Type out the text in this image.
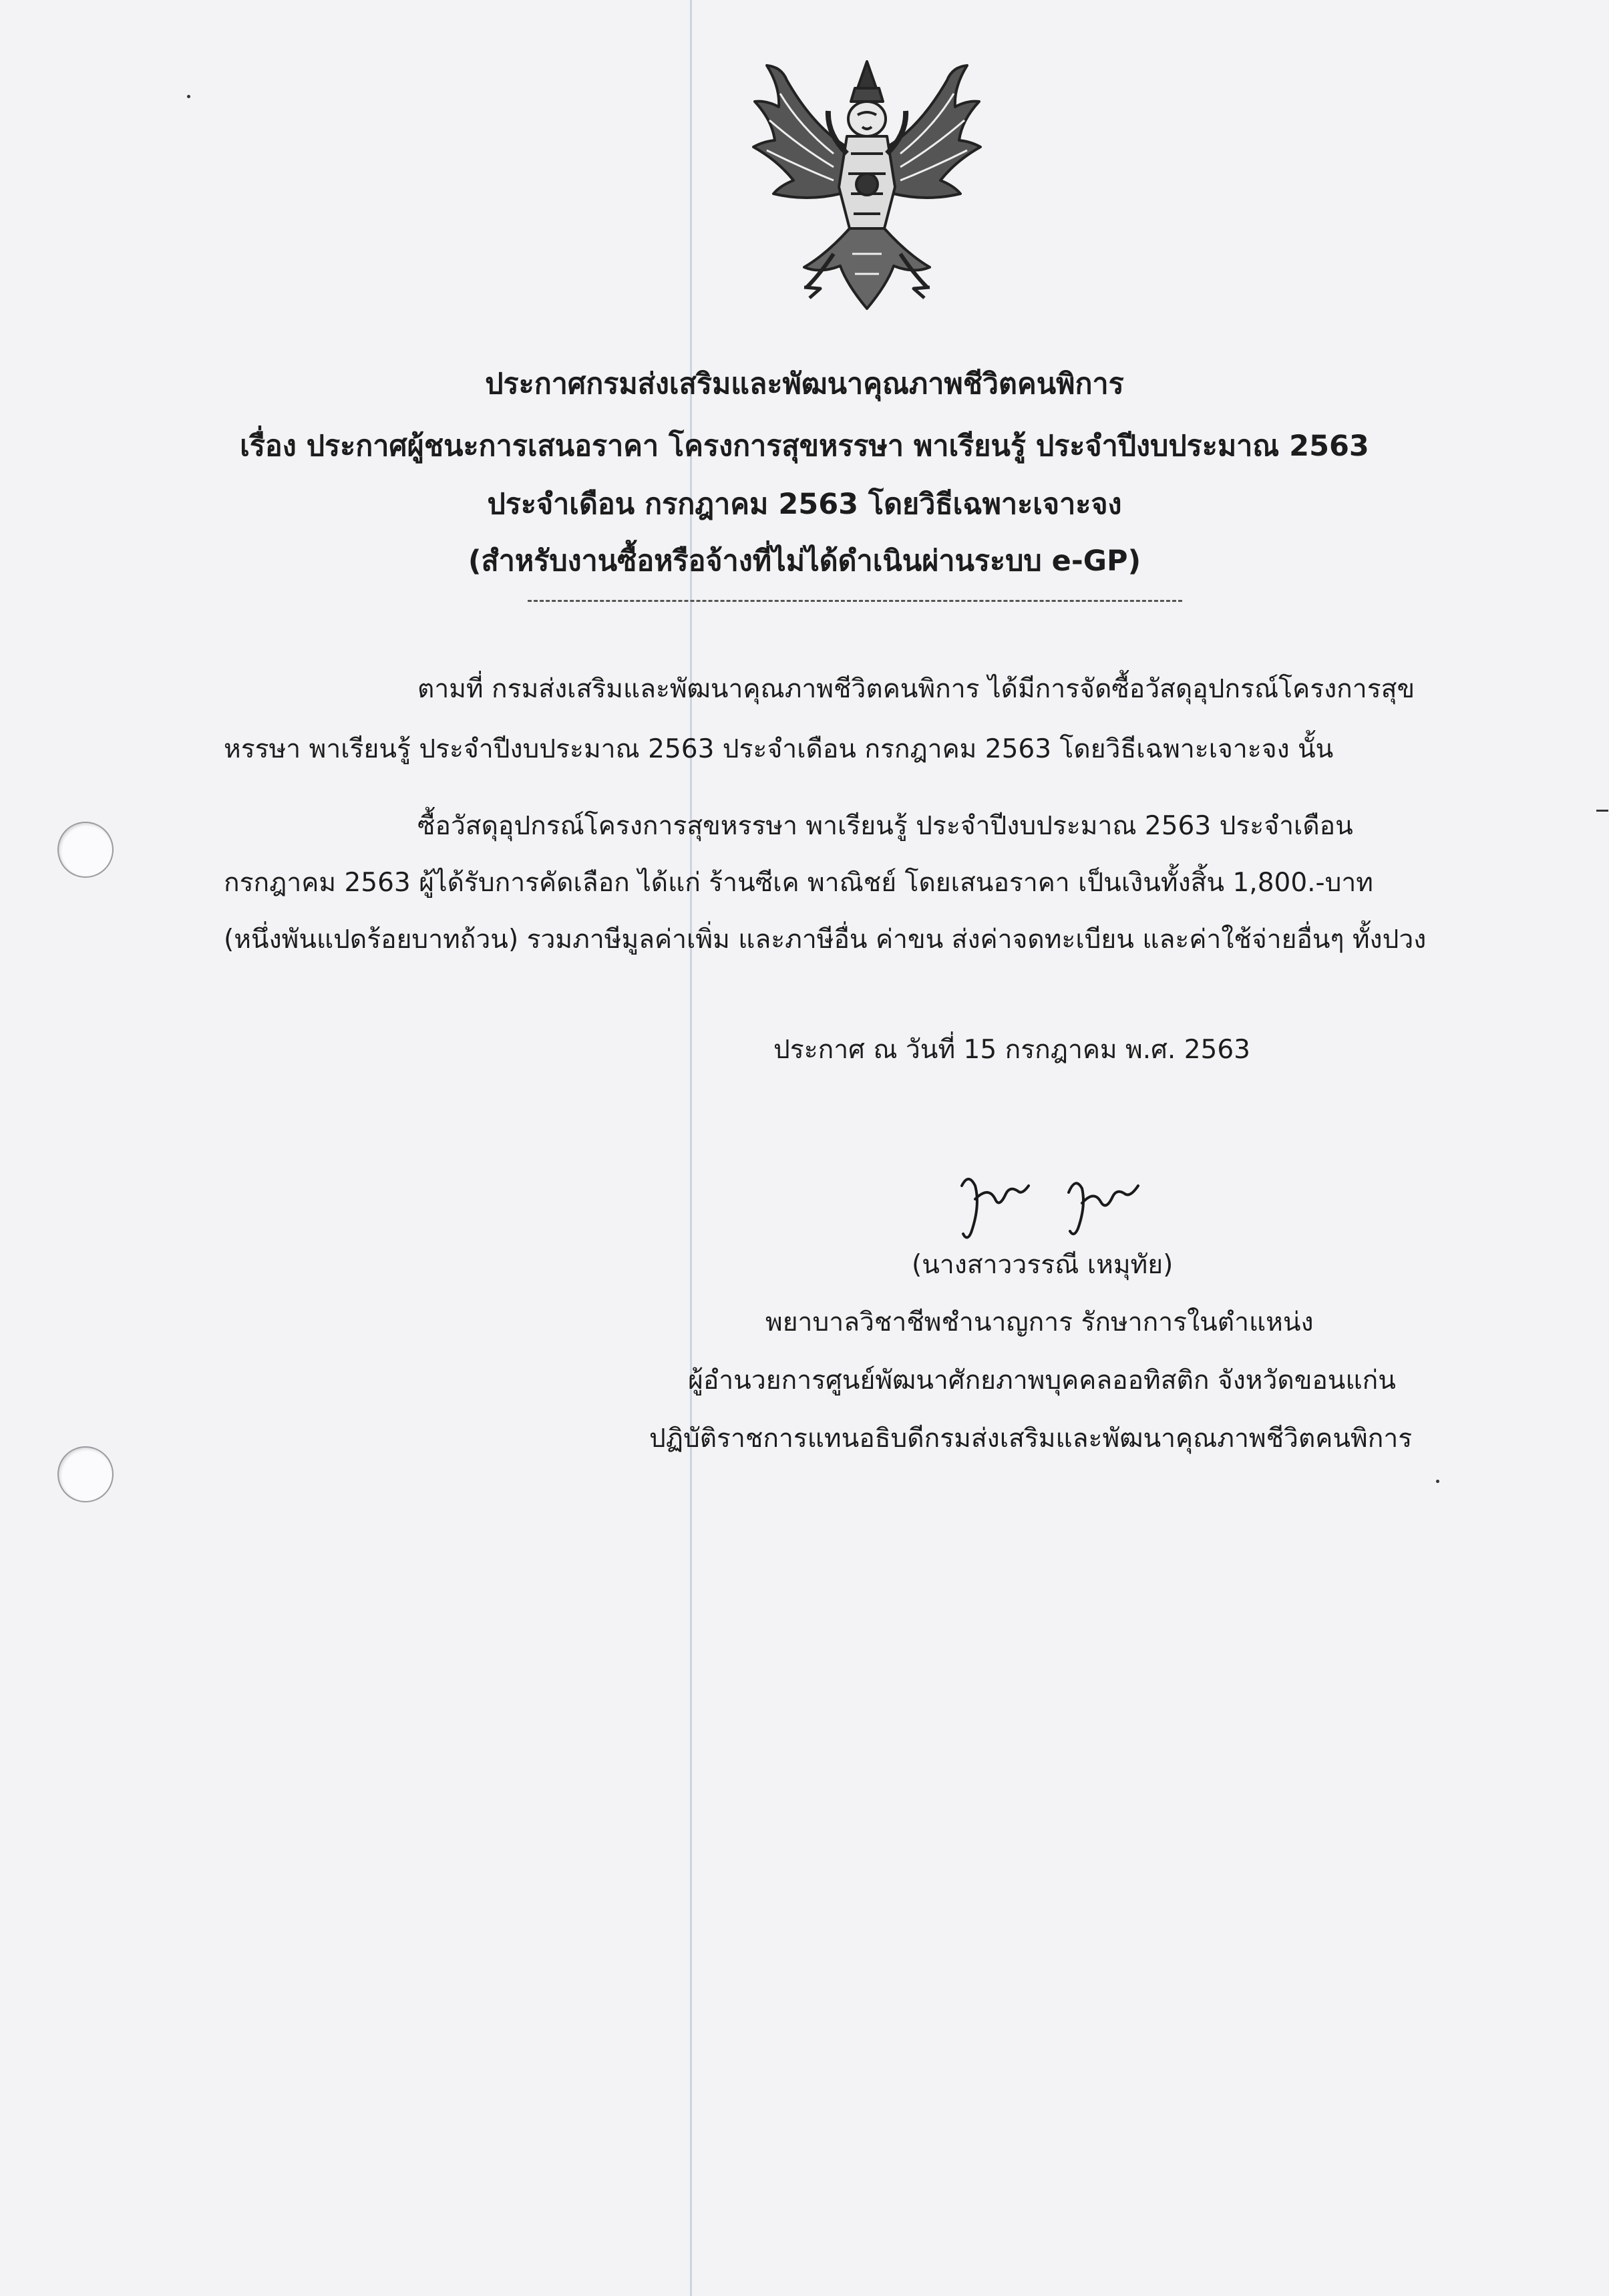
ประกาศกรมส่งเสริมและพัฒนาคุณภาพชีวิตคนพิการ
เรื่อง ประกาศผู้ชนะการเสนอราคา โครงการสุขหรรษา พาเรียนรู้ ประจำปีงบประมาณ 2563
ประจำเดือน กรกฎาคม 2563 โดยวิธีเฉพาะเจาะจง
(สำหรับงานซื้อหรือจ้างที่ไม่ได้ดำเนินผ่านระบบ e-GP)
ตามที่ กรมส่งเสริมและพัฒนาคุณภาพชีวิตคนพิการ ได้มีการจัดซื้อวัสดุอุปกรณ์โครงการสุข
หรรษา พาเรียนรู้ ประจำปีงบประมาณ 2563 ประจำเดือน กรกฎาคม 2563 โดยวิธีเฉพาะเจาะจง นั้น
ซื้อวัสดุอุปกรณ์โครงการสุขหรรษา พาเรียนรู้ ประจำปีงบประมาณ 2563 ประจำเดือน
กรกฎาคม 2563 ผู้ได้รับการคัดเลือก ได้แก่ ร้านซีเค พาณิชย์ โดยเสนอราคา เป็นเงินทั้งสิ้น 1,800.-บาท
(หนึ่งพันแปดร้อยบาทถ้วน) รวมภาษีมูลค่าเพิ่ม และภาษีอื่น ค่าขน ส่งค่าจดทะเบียน และค่าใช้จ่ายอื่นๆ ทั้งปวง
ประกาศ ณ วันที่ 15 กรกฎาคม พ.ศ. 2563
(นางสาววรรณี เหมุทัย)
พยาบาลวิชาชีพชำนาญการ รักษาการในตำแหน่ง
ผู้อำนวยการศูนย์พัฒนาศักยภาพบุคคลออทิสติก จังหวัดขอนแก่น
ปฏิบัติราชการแทนอธิบดีกรมส่งเสริมและพัฒนาคุณภาพชีวิตคนพิการ
